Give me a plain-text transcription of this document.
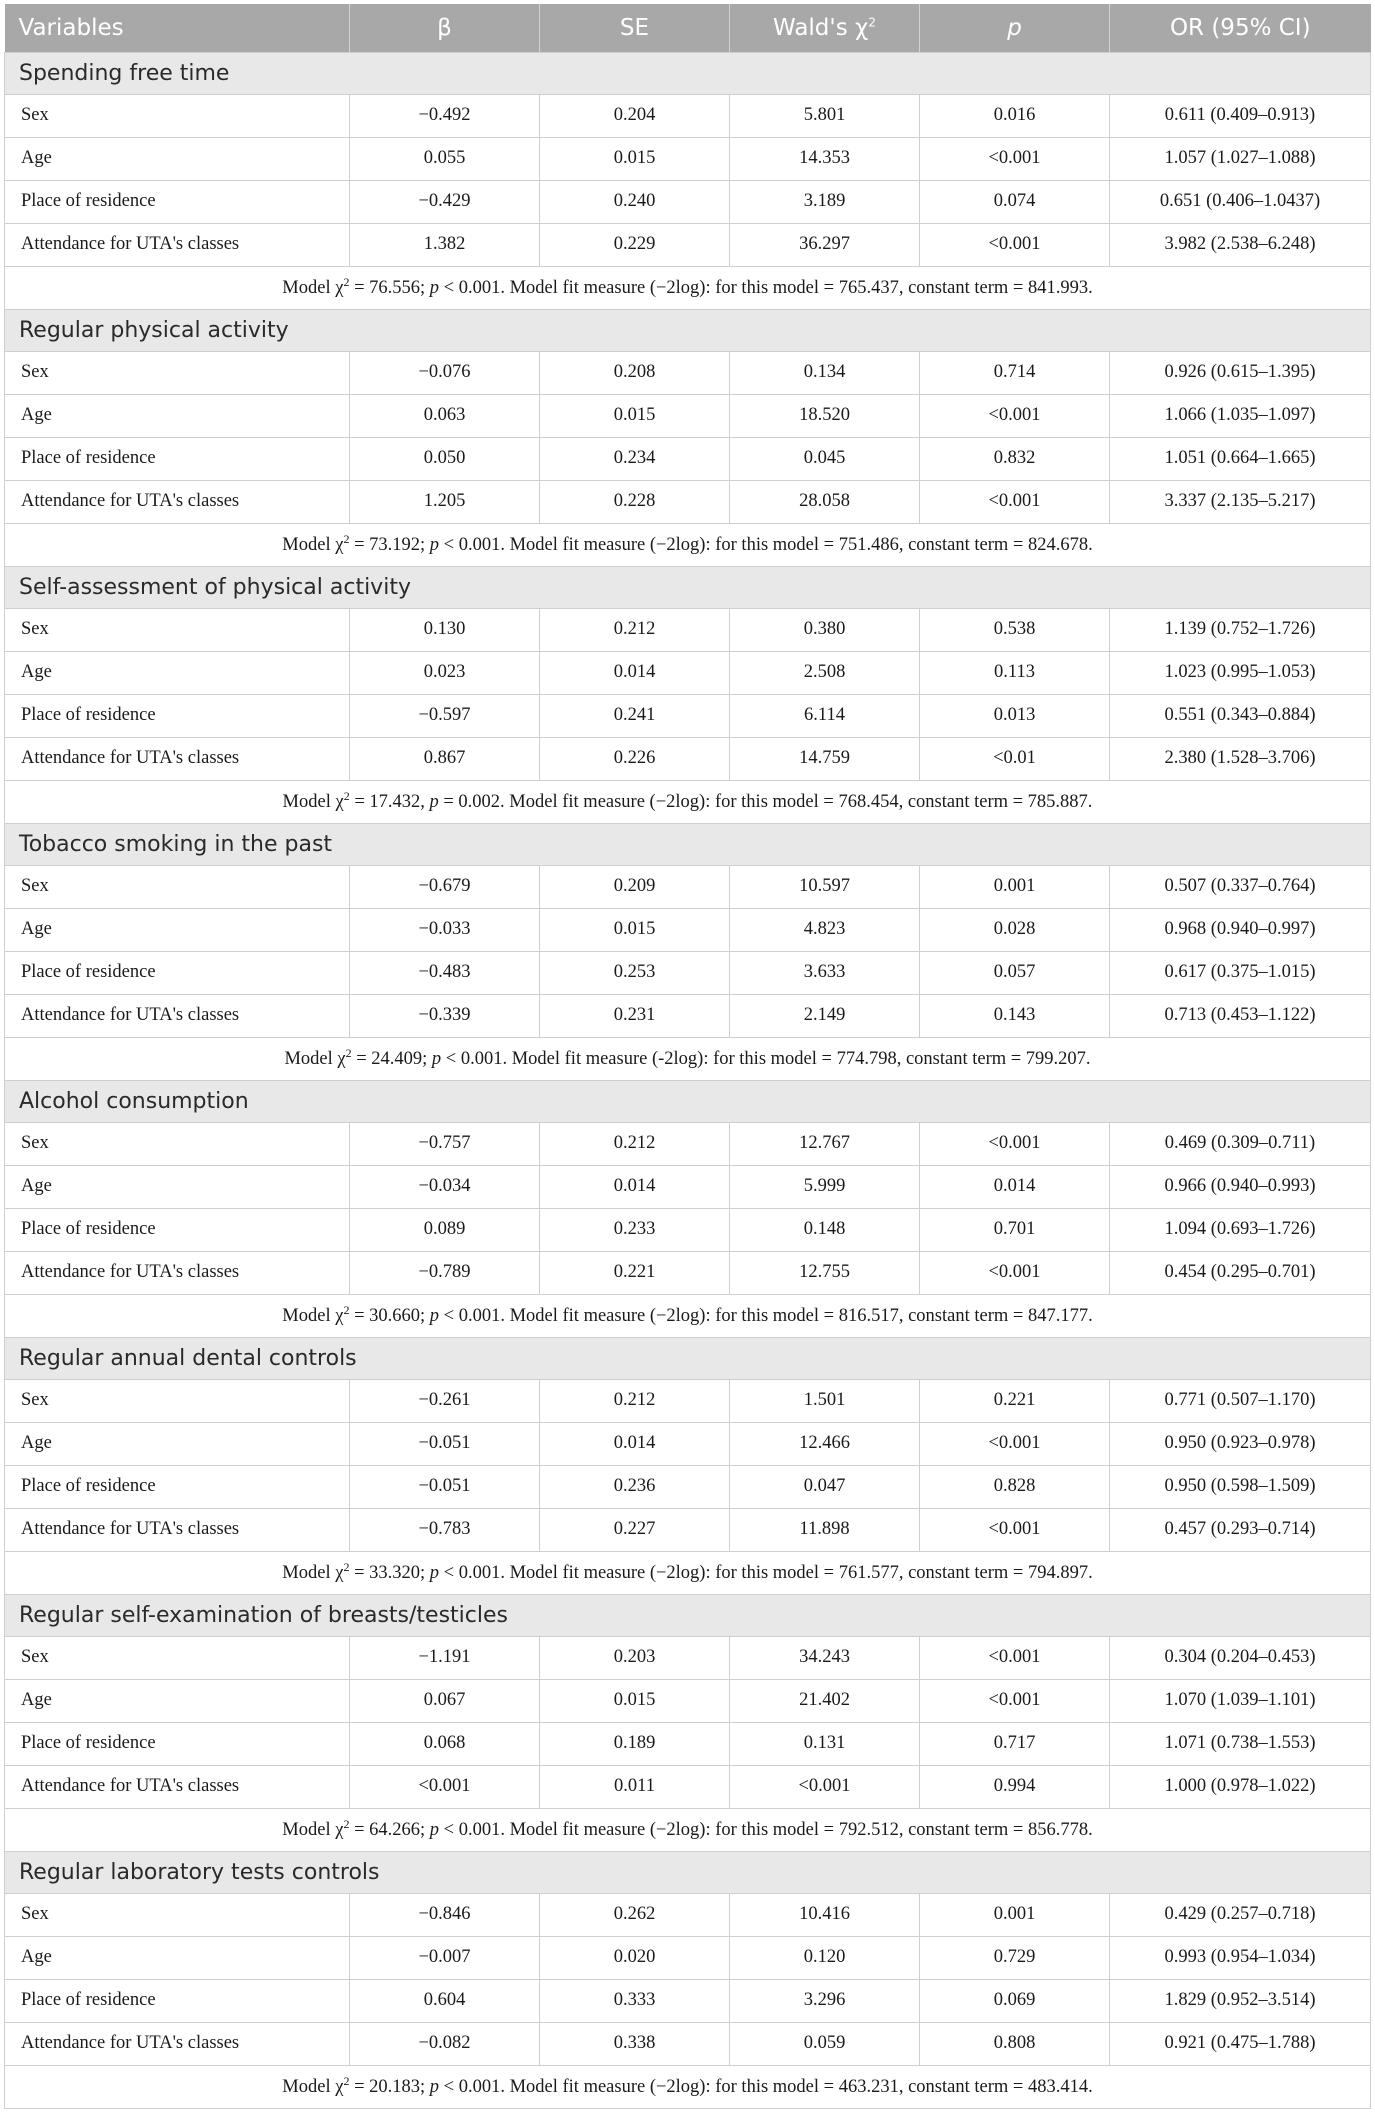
Variables	β	SE	Wald's $\chi^2$	p	OR (95% CI)
Spending free time					
Sex	−0.492	0.204	5.801	0.016	0.611 (0.409–0.913)
Age	0.055	0.015	14.353	<0.001	1.057 (1.027–1.088)
Place of residence	−0.429	0.240	3.189	0.074	0.651 (0.406–1.0437)
Attendance for UTA's classes	1.382	0.229	36.297	<0.001	3.982 (2.538–6.248)
Model $\chi^2 = 76.556$; p < 0.001. Model fit measure (−2log): for this model = 765.437, constant term = 841.993.					
Regular physical activity					
Sex	−0.076	0.208	0.134	0.714	0.926 (0.615–1.395)
Age	0.063	0.015	18.520	<0.001	1.066 (1.035–1.097)
Place of residence	0.050	0.234	0.045	0.832	1.051 (0.664–1.665)
Attendance for UTA's classes	1.205	0.228	28.058	<0.001	3.337 (2.135–5.217)
Model $\chi^2 = 73.192$; p < 0.001. Model fit measure (−2log): for this model = 751.486, constant term = 824.678.					
Self-assessment of physical activity					
Sex	0.130	0.212	0.380	0.538	1.139 (0.752–1.726)
Age	0.023	0.014	2.508	0.113	1.023 (0.995–1.053)
Place of residence	−0.597	0.241	6.114	0.013	0.551 (0.343–0.884)
Attendance for UTA's classes	0.867	0.226	14.759	<0.01	2.380 (1.528–3.706)
Model $\chi^2 = 17.432$, p = 0.002. Model fit measure (−2log): for this model = 768.454, constant term = 785.887.					
Tobacco smoking in the past					
Sex	−0.679	0.209	10.597	0.001	0.507 (0.337–0.764)
Age	−0.033	0.015	4.823	0.028	0.968 (0.940–0.997)
Place of residence	−0.483	0.253	3.633	0.057	0.617 (0.375–1.015)
Attendance for UTA's classes	−0.339	0.231	2.149	0.143	0.713 (0.453–1.122)
Model $\chi^2 = 24.409$; p < 0.001. Model fit measure (-2log): for this model = 774.798, constant term = 799.207.					
Alcohol consumption					
Sex	−0.757	0.212	12.767	<0.001	0.469 (0.309–0.711)
Age	−0.034	0.014	5.999	0.014	0.966 (0.940–0.993)
Place of residence	0.089	0.233	0.148	0.701	1.094 (0.693–1.726)
Attendance for UTA's classes	−0.789	0.221	12.755	<0.001	0.454 (0.295–0.701)
Model $\chi^2 = 30.660$; p < 0.001. Model fit measure (−2log): for this model = 816.517, constant term = 847.177.					
Regular annual dental controls					
Sex	−0.261	0.212	1.501	0.221	0.771 (0.507–1.170)
Age	−0.051	0.014	12.466	<0.001	0.950 (0.923–0.978)
Place of residence	−0.051	0.236	0.047	0.828	0.950 (0.598–1.509)
Attendance for UTA's classes	−0.783	0.227	11.898	<0.001	0.457 (0.293–0.714)
Model $\chi^2 = 33.320$; p < 0.001. Model fit measure (−2log): for this model = 761.577, constant term = 794.897.					
Regular self-examination of breasts/testicles					
Sex	−1.191	0.203	34.243	<0.001	0.304 (0.204–0.453)
Age	0.067	0.015	21.402	<0.001	1.070 (1.039–1.101)
Place of residence	0.068	0.189	0.131	0.717	1.071 (0.738–1.553)
Attendance for UTA's classes	<0.001	0.011	<0.001	0.994	1.000 (0.978–1.022)
Model $\chi^2 = 64.266$; p < 0.001. Model fit measure (−2log): for this model = 792.512, constant term = 856.778.					
Regular laboratory tests controls					
Sex	−0.846	0.262	10.416	0.001	0.429 (0.257–0.718)
Age	−0.007	0.020	0.120	0.729	0.993 (0.954–1.034)
Place of residence	0.604	0.333	3.296	0.069	1.829 (0.952–3.514)
Attendance for UTA's classes	−0.082	0.338	0.059	0.808	0.921 (0.475–1.788)
Model $\chi^2 = 20.183$; p < 0.001. Model fit measure (−2log): for this model = 463.231, constant term = 483.414.					
